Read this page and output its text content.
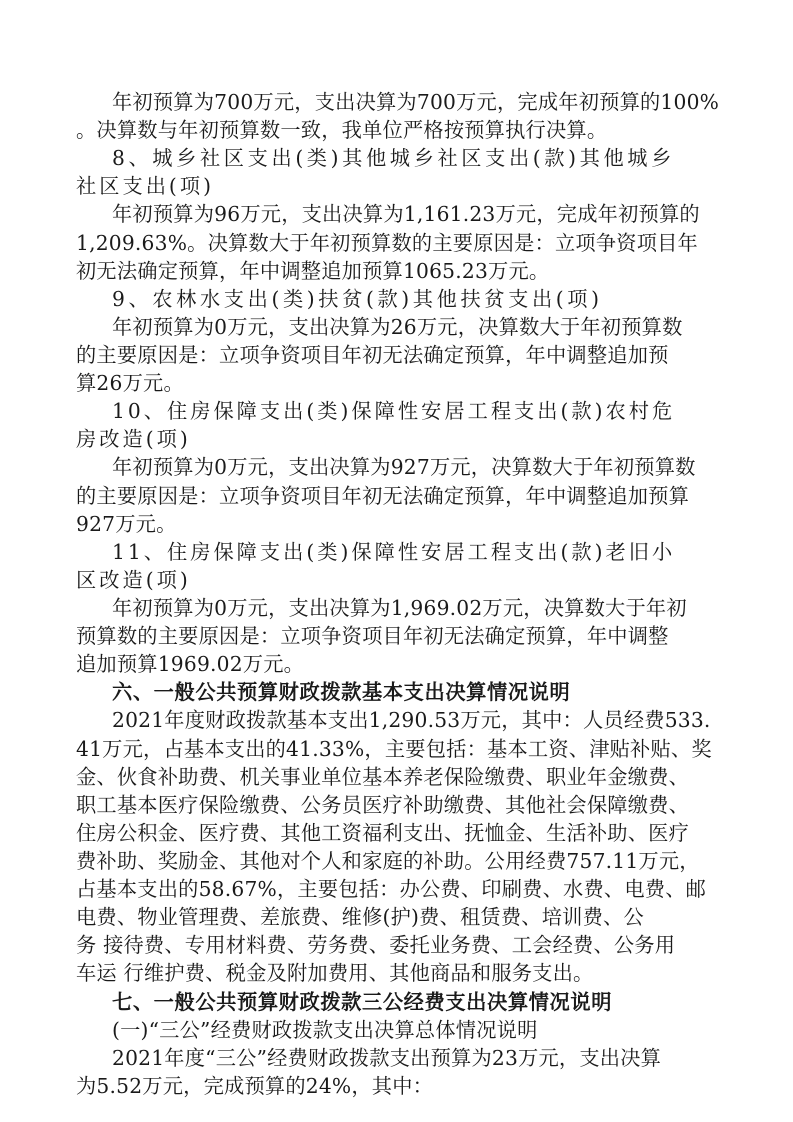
年初预算为700万元，支出决算为700万元，完成年初预算的100%
。决算数与年初预算数一致，我单位严格按预算执行决算。
8、城乡社区支出(类)其他城乡社区支出(款)其他城乡
社区支出(项)
年初预算为96万元，支出决算为1,161.23万元，完成年初预算的
1,209.63%。决算数大于年初预算数的主要原因是：立项争资项目年
初无法确定预算，年中调整追加预算1065.23万元。
9、农林水支出(类)扶贫(款)其他扶贫支出(项)
年初预算为0万元，支出决算为26万元，决算数大于年初预算数
的主要原因是：立项争资项目年初无法确定预算，年中调整追加预
算26万元。
10、住房保障支出(类)保障性安居工程支出(款)农村危
房改造(项)
年初预算为0万元，支出决算为927万元，决算数大于年初预算数
的主要原因是：立项争资项目年初无法确定预算，年中调整追加预算
927万元。
11、住房保障支出(类)保障性安居工程支出(款)老旧小
区改造(项)
年初预算为0万元，支出决算为1,969.02万元，决算数大于年初
预算数的主要原因是：立项争资项目年初无法确定预算，年中调整
追加预算1969.02万元。
六、一般公共预算财政拨款基本支出决算情况说明
2021年度财政拨款基本支出1,290.53万元，其中：人员经费533.
41万元，占基本支出的41.33%，主要包括：基本工资、津贴补贴、奖
金、伙食补助费、机关事业单位基本养老保险缴费、职业年金缴费、
职工基本医疗保险缴费、公务员医疗补助缴费、其他社会保障缴费、
住房公积金、医疗费、其他工资福利支出、抚恤金、生活补助、医疗
费补助、奖励金、其他对个人和家庭的补助。公用经费757.11万元，
占基本支出的58.67%，主要包括：办公费、印刷费、水费、电费、邮
电费、物业管理费、差旅费、维修(护)费、租赁费、培训费、公
务 接待费、专用材料费、劳务费、委托业务费、工会经费、公务用
车运 行维护费、税金及附加费用、其他商品和服务支出。
七、一般公共预算财政拨款三公经费支出决算情况说明
(一)“三公”经费财政拨款支出决算总体情况说明
2021年度“三公”经费财政拨款支出预算为23万元，支出决算
为5.52万元，完成预算的24%，其中：
